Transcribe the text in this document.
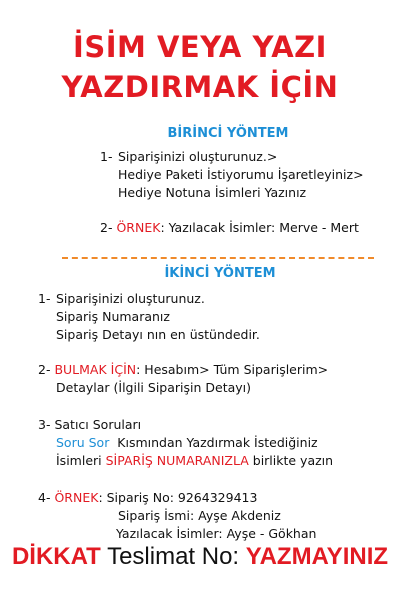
İSİM VEYA YAZI
YAZDIRMAK İÇİN
BİRİNCİ YÖNTEM
1- Siparişinizi oluşturunuz.>
Hediye Paketi İstiyorumu İşaretleyiniz>
Hediye Notuna İsimleri Yazınız
2- ÖRNEK: Yazılacak İsimler: Merve - Mert
İKİNCİ YÖNTEM
1- Siparişinizi oluşturunuz.
Sipariş Numaranız
Sipariş Detayı nın en üstündedir.
2- BULMAK İÇİN: Hesabım> Tüm Siparişlerim>
Detaylar (İlgili Siparişin Detayı)
3- Satıcı Soruları
Soru Sor  Kısmından Yazdırmak İstediğiniz
İsimleri SİPARİŞ NUMARANIZLA birlikte yazın
4- ÖRNEK: Sipariş No: 9264329413
Sipariş İsmi: Ayşe Akdeniz
Yazılacak İsimler: Ayşe - Gökhan
DİKKAT Teslimat No: YAZMAYINIZ
